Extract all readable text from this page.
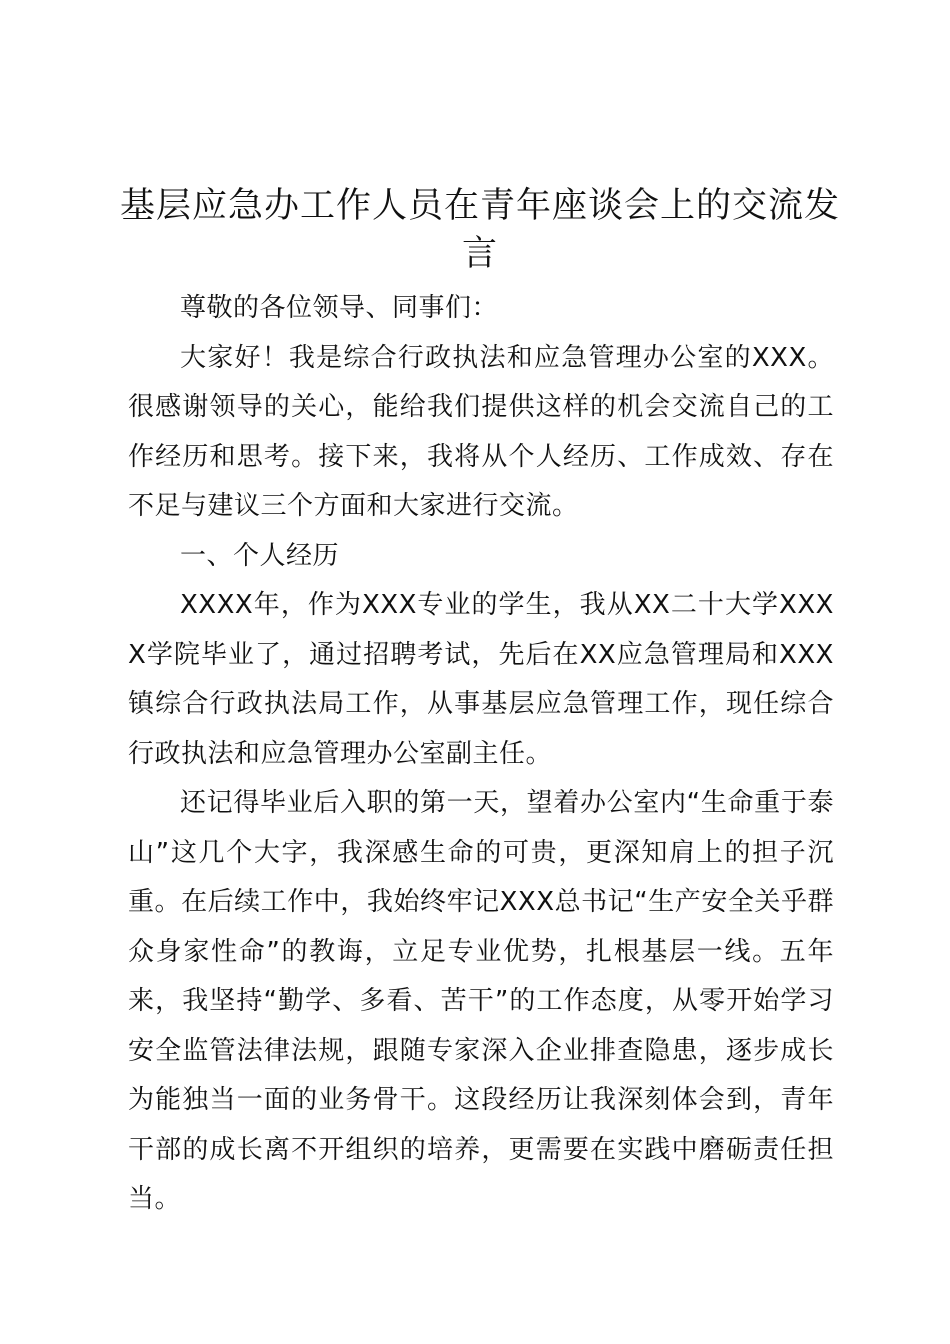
基层应急办工作人员在青年座谈会上的交流发言

尊敬的各位领导、同事们：

大家好！我是综合行政执法和应急管理办公室的XXX。很感谢领导的关心，能给我们提供这样的机会交流自己的工作经历和思考。接下来，我将从个人经历、工作成效、存在不足与建议三个方面和大家进行交流。

一、个人经历

XXXX年，作为XXX专业的学生，我从XX二十大学XXXX学院毕业了，通过招聘考试，先后在XX应急管理局和XXX镇综合行政执法局工作，从事基层应急管理工作，现任综合行政执法和应急管理办公室副主任。

还记得毕业后入职的第一天，望着办公室内“生命重于泰山”这几个大字，我深感生命的可贵，更深知肩上的担子沉重。在后续工作中，我始终牢记XXX总书记“生产安全关乎群众身家性命”的教诲，立足专业优势，扎根基层一线。五年来，我坚持“勤学、多看、苦干”的工作态度，从零开始学习安全监管法律法规，跟随专家深入企业排查隐患，逐步成长为能独当一面的业务骨干。这段经历让我深刻体会到，青年干部的成长离不开组织的培养，更需要在实践中磨砺责任担当。
